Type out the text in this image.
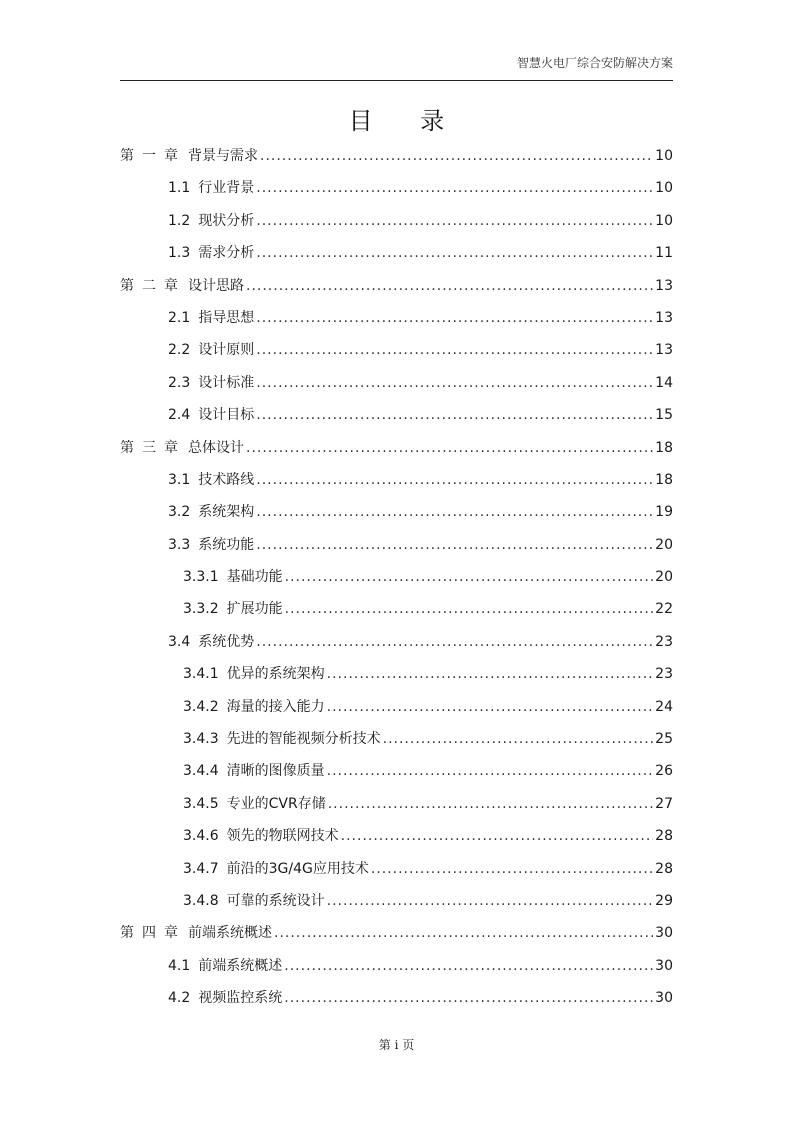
智慧火电厂综合安防解决方案
目 录
第一章 背景与需求 .....	10
1.1 行业背景 .....	10
1.2 现状分析 .....	10
1.3 需求分析 .....	11
第二章 设计思路 .....	13
2.1 指导思想 .....	13
2.2 设计原则 .....	13
2.3 设计标准 .....	14
2.4 设计目标 .....	15
第三章 总体设计 .....	18
3.1 技术路线 .....	18
3.2 系统架构 .....	19
3.3 系统功能 .....	20
3.3.1 基础功能 .....	20
3.3.2 扩展功能 .....	22
3.4 系统优势 .....	23
3.4.1 优异的系统架构 .....	23
3.4.2 海量的接入能力 .....	24
3.4.3 先进的智能视频分析技术 .....	25
3.4.4 清晰的图像质量 .....	26
3.4.5 专业的CVR存储 .....	27
3.4.6 领先的物联网技术 .....	28
3.4.7 前沿的3G/4G应用技术 .....	28
3.4.8 可靠的系统设计 .....	29
第四章 前端系统概述 .....	30
4.1 前端系统概述 .....	30
4.2 视频监控系统 .....	30
第 i 页
